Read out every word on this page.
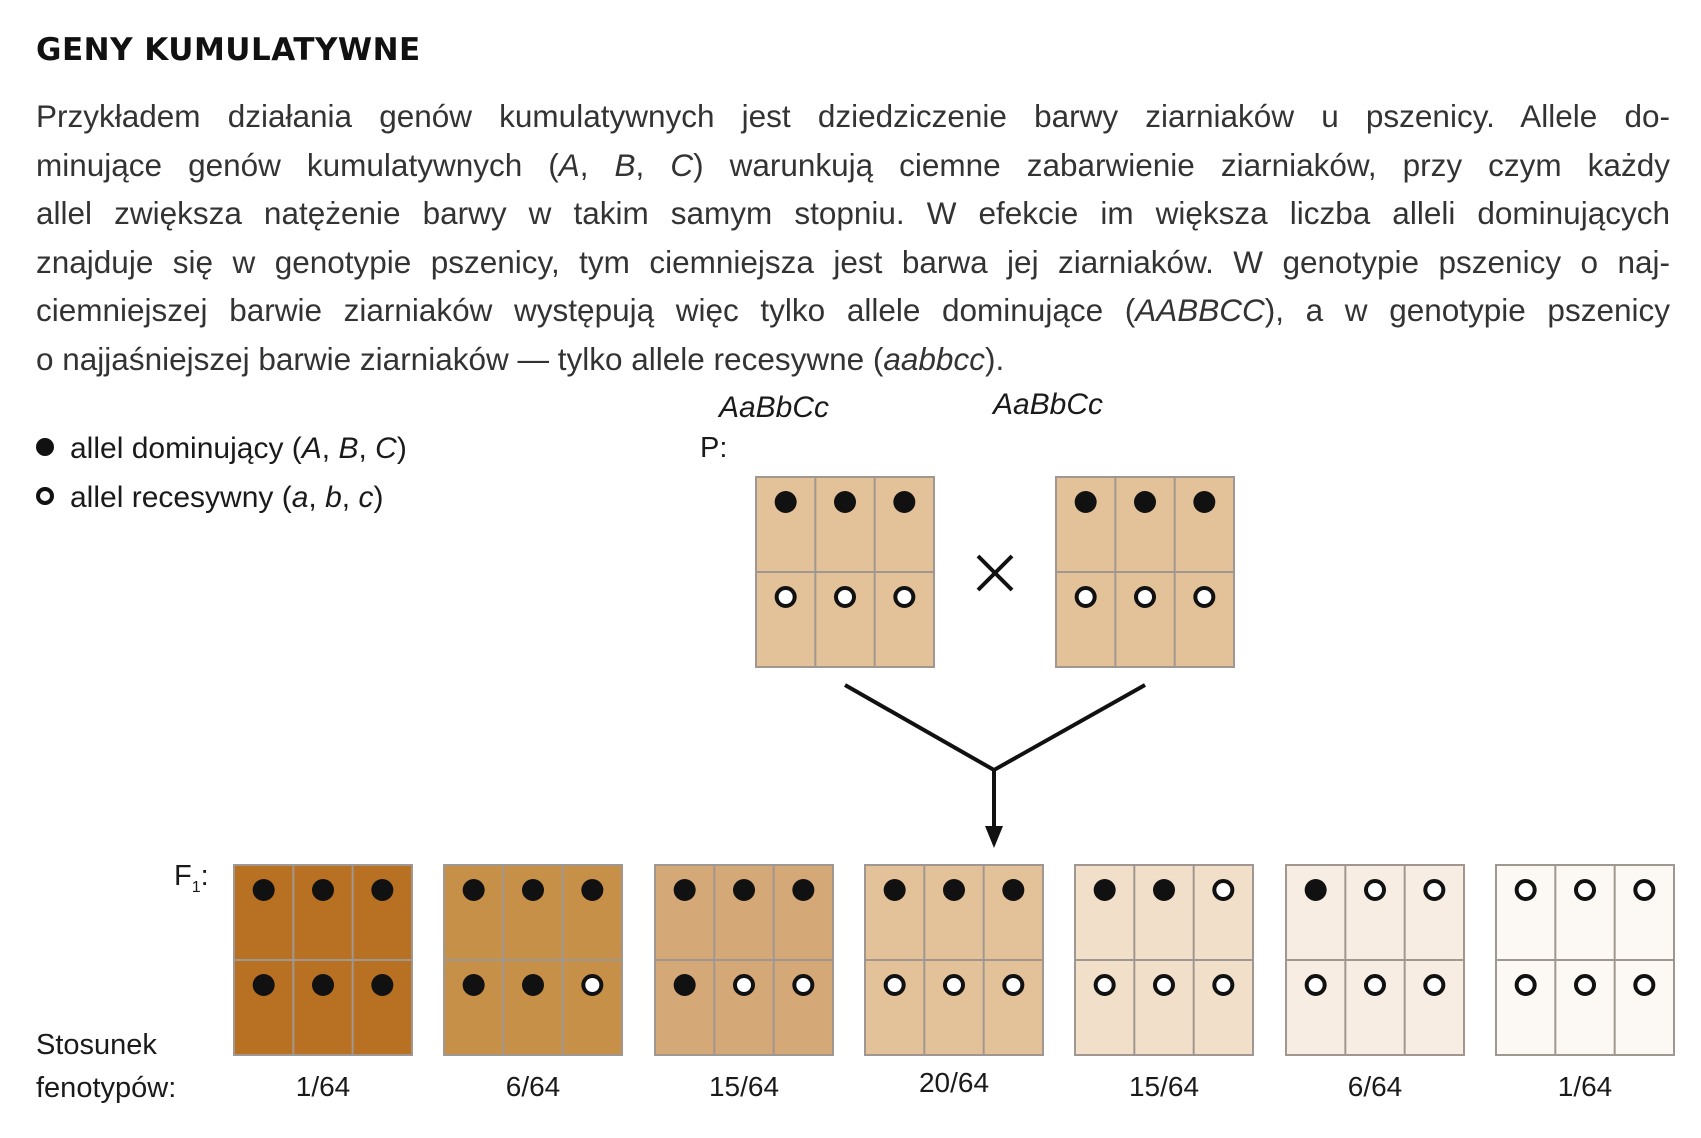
GENY KUMULATYWNE
Przykładem działania genów kumulatywnych jest dziedziczenie barwy ziarniaków u pszenicy. Allele do-
minujące genów kumulatywnych (A, B, C) warunkują ciemne zabarwienie ziarniaków, przy czym każdy
allel zwiększa natężenie barwy w takim samym stopniu. W efekcie im większa liczba alleli dominujących
znajduje się w genotypie pszenicy, tym ciemniejsza jest barwa jej ziarniaków. W genotypie pszenicy o naj-
ciemniejszej barwie ziarniaków występują więc tylko allele dominujące (AABBCC), a w genotypie pszenicy
o najjaśniejszej barwie ziarniaków — tylko allele recesywne (aabbcc).
allel dominujący (A, B, C)
allel recesywny (a, b, c)
AaBbCc	AaBbCc
P:
$F_1$:
Stosunek
fenotypów:	1/64	6/64	15/64	20/64	15/64	6/64	1/64
